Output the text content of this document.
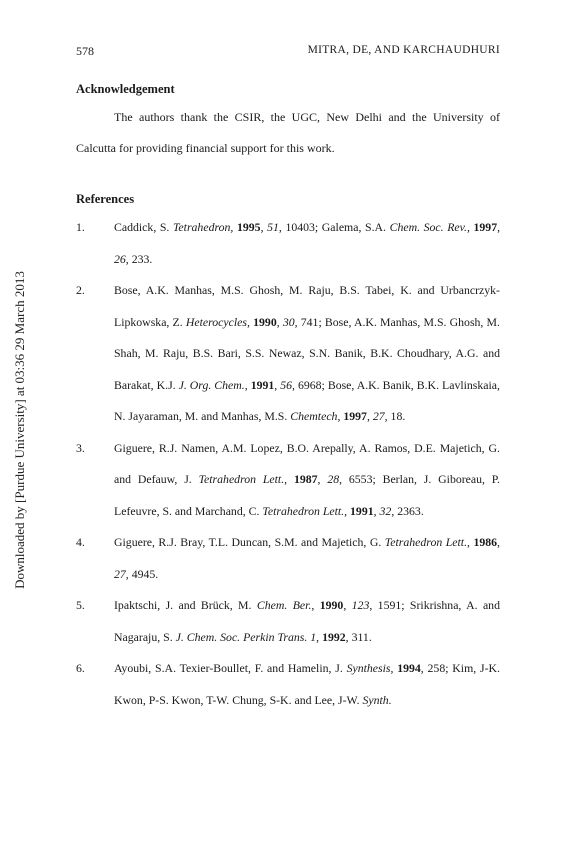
578	MITRA, DE, AND KARCHAUDHURI
Downloaded by [Purdue University] at 03:36 29 March 2013
Acknowledgement
The authors thank the CSIR, the UGC, New Delhi and the University of Calcutta for providing financial support for this work.
References
1. Caddick, S. Tetrahedron, 1995, 51, 10403; Galema, S.A. Chem. Soc. Rev., 1997, 26, 233.
2. Bose, A.K. Manhas, M.S. Ghosh, M. Raju, B.S. Tabei, K. and Urbancrzyk-Lipkowska, Z. Heterocycles, 1990, 30, 741; Bose, A.K. Manhas, M.S. Ghosh, M. Shah, M. Raju, B.S. Bari, S.S. Newaz, S.N. Banik, B.K. Choudhary, A.G. and Barakat, K.J. J. Org. Chem., 1991, 56, 6968; Bose, A.K. Banik, B.K. Lavlinskaia, N. Jayaraman, M. and Manhas, M.S. Chemtech, 1997, 27, 18.
3. Giguere, R.J. Namen, A.M. Lopez, B.O. Arepally, A. Ramos, D.E. Majetich, G. and Defauw, J. Tetrahedron Lett., 1987, 28, 6553; Berlan, J. Giboreau, P. Lefeuvre, S. and Marchand, C. Tetrahedron Lett., 1991, 32, 2363.
4. Giguere, R.J. Bray, T.L. Duncan, S.M. and Majetich, G. Tetrahedron Lett., 1986, 27, 4945.
5. Ipaktschi, J. and Brück, M. Chem. Ber., 1990, 123, 1591; Srikrishna, A. and Nagaraju, S. J. Chem. Soc. Perkin Trans. 1, 1992, 311.
6. Ayoubi, S.A. Texier-Boullet, F. and Hamelin, J. Synthesis, 1994, 258; Kim, J-K. Kwon, P-S. Kwon, T-W. Chung, S-K. and Lee, J-W. Synth.
